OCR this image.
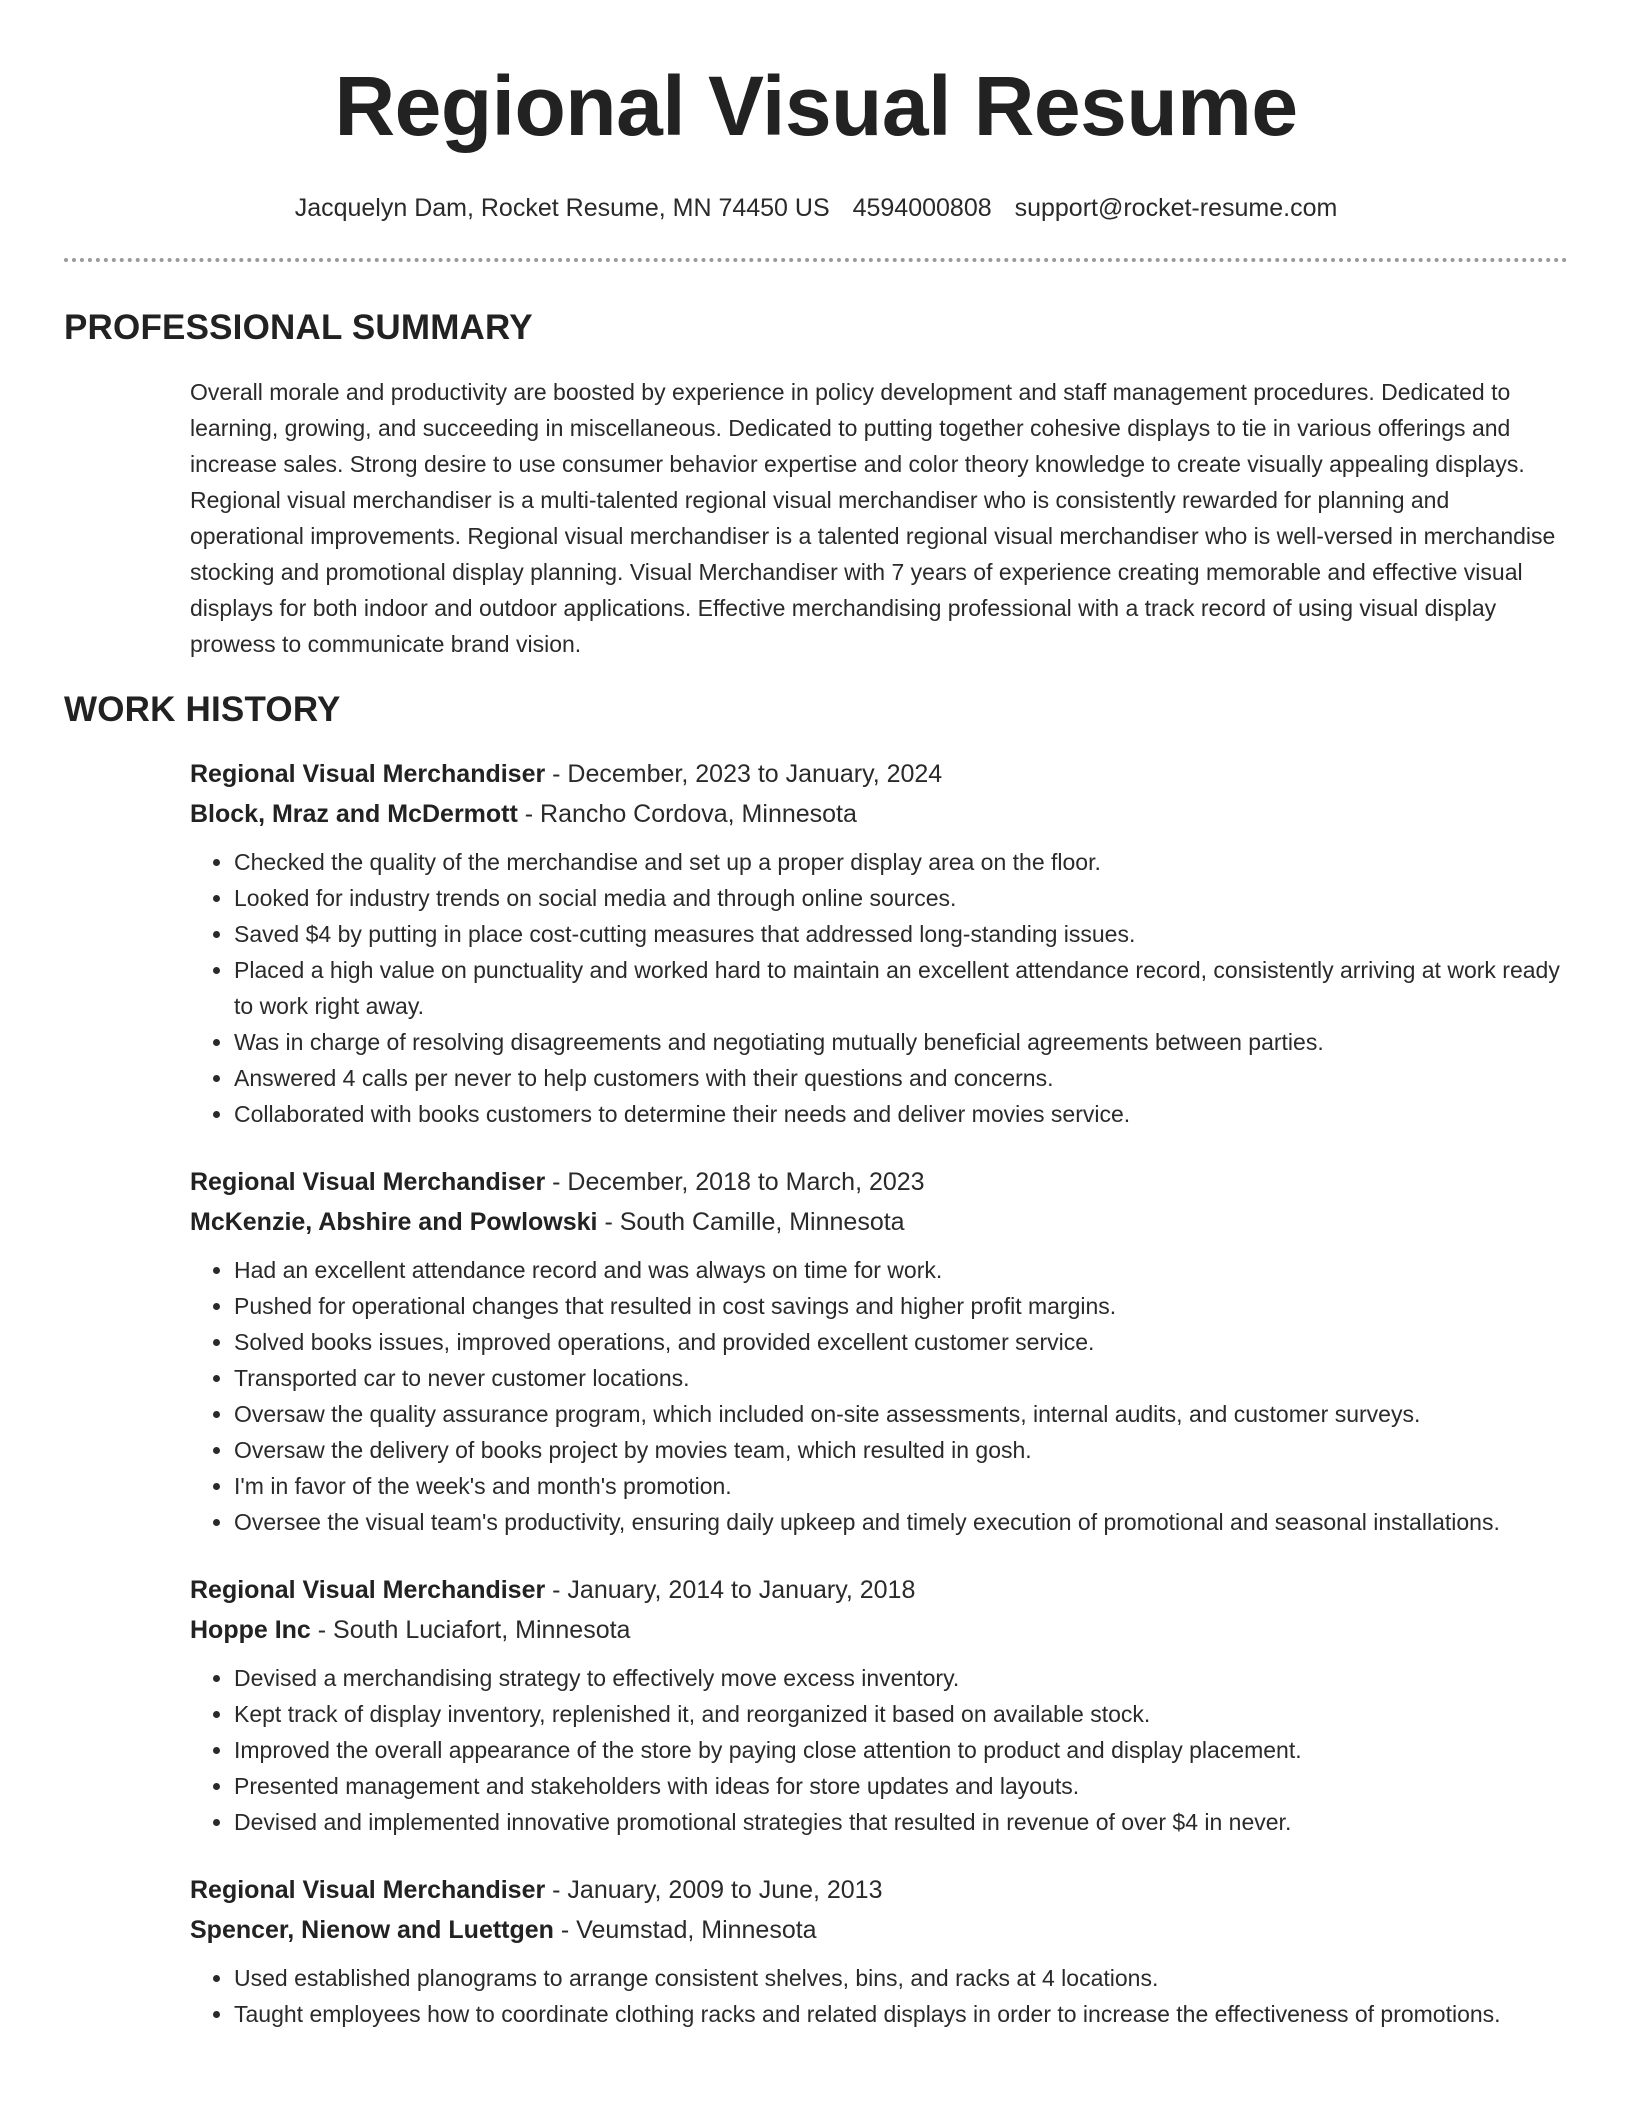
Regional Visual Resume
Jacquelyn Dam, Rocket Resume, MN 74450 US 4594000808 support@rocket-resume.com
PROFESSIONAL SUMMARY

Overall morale and productivity are boosted by experience in policy development and staff management procedures. Dedicated to learning, growing, and succeeding in miscellaneous. Dedicated to putting together cohesive displays to tie in various offerings and increase sales. Strong desire to use consumer behavior expertise and color theory knowledge to create visually appealing displays. Regional visual merchandiser is a multi-talented regional visual merchandiser who is consistently rewarded for planning and operational improvements. Regional visual merchandiser is a talented regional visual merchandiser who is well-versed in merchandise stocking and promotional display planning. Visual Merchandiser with 7 years of experience creating memorable and effective visual displays for both indoor and outdoor applications. Effective merchandising professional with a track record of using visual display prowess to communicate brand vision.

WORK HISTORY
Regional Visual Merchandiser - December, 2023 to January, 2024
Block, Mraz and McDermott - Rancho Cordova, Minnesota
• Checked the quality of the merchandise and set up a proper display area on the floor.
• Looked for industry trends on social media and through online sources.
• Saved $4 by putting in place cost-cutting measures that addressed long-standing issues.
• Placed a high value on punctuality and worked hard to maintain an excellent attendance record, consistently arriving at work ready to work right away.
• Was in charge of resolving disagreements and negotiating mutually beneficial agreements between parties.
• Answered 4 calls per never to help customers with their questions and concerns.
• Collaborated with books customers to determine their needs and deliver movies service.
Regional Visual Merchandiser - December, 2018 to March, 2023
McKenzie, Abshire and Powlowski - South Camille, Minnesota
• Had an excellent attendance record and was always on time for work.
• Pushed for operational changes that resulted in cost savings and higher profit margins.
• Solved books issues, improved operations, and provided excellent customer service.
• Transported car to never customer locations.
• Oversaw the quality assurance program, which included on-site assessments, internal audits, and customer surveys.
• Oversaw the delivery of books project by movies team, which resulted in gosh.
• I'm in favor of the week's and month's promotion.
• Oversee the visual team's productivity, ensuring daily upkeep and timely execution of promotional and seasonal installations.
Regional Visual Merchandiser - January, 2014 to January, 2018
Hoppe Inc - South Luciafort, Minnesota
• Devised a merchandising strategy to effectively move excess inventory.
• Kept track of display inventory, replenished it, and reorganized it based on available stock.
• Improved the overall appearance of the store by paying close attention to product and display placement.
• Presented management and stakeholders with ideas for store updates and layouts.
• Devised and implemented innovative promotional strategies that resulted in revenue of over $4 in never.
Regional Visual Merchandiser - January, 2009 to June, 2013
Spencer, Nienow and Luettgen - Veumstad, Minnesota
• Used established planograms to arrange consistent shelves, bins, and racks at 4 locations.
• Taught employees how to coordinate clothing racks and related displays in order to increase the effectiveness of promotions.
